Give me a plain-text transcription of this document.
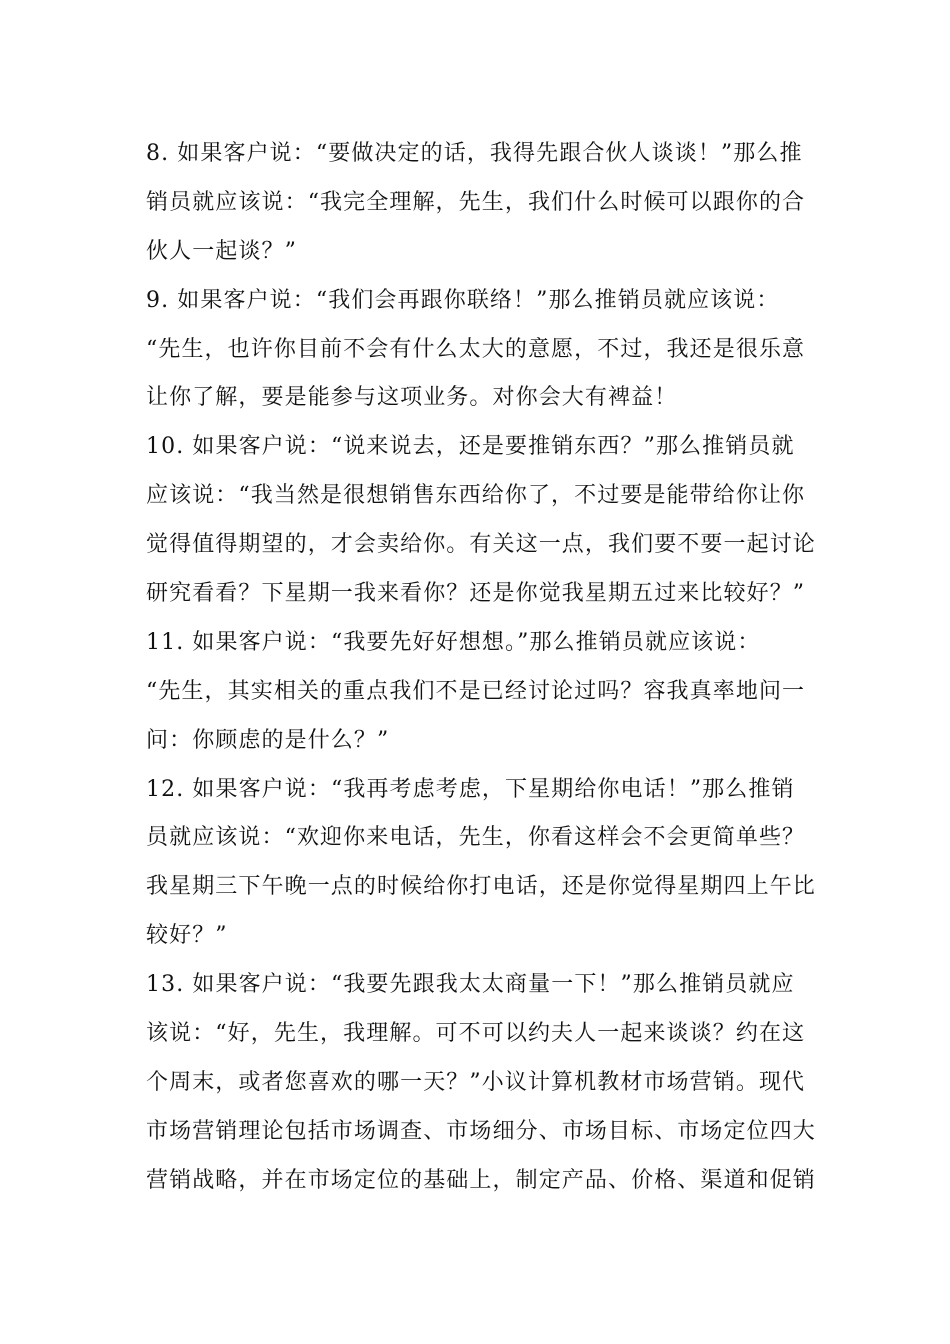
8. 如果客户说：“要做决定的话，我得先跟合伙人谈谈！”那么推
销员就应该说：“我完全理解，先生，我们什么时候可以跟你的合
伙人一起谈？”
9. 如果客户说：“我们会再跟你联络！”那么推销员就应该说：
“先生，也许你目前不会有什么太大的意愿，不过，我还是很乐意
让你了解，要是能参与这项业务。对你会大有裨益！
10. 如果客户说：“说来说去，还是要推销东西？”那么推销员就
应该说：“我当然是很想销售东西给你了，不过要是能带给你让你
觉得值得期望的，才会卖给你。有关这一点，我们要不要一起讨论
研究看看？下星期一我来看你？还是你觉我星期五过来比较好？”
11. 如果客户说：“我要先好好想想。”那么推销员就应该说：
“先生，其实相关的重点我们不是已经讨论过吗？容我真率地问一
问：你顾虑的是什么？”
12. 如果客户说：“我再考虑考虑，下星期给你电话！”那么推销
员就应该说：“欢迎你来电话，先生，你看这样会不会更简单些？
我星期三下午晚一点的时候给你打电话，还是你觉得星期四上午比
较好？”
13. 如果客户说：“我要先跟我太太商量一下！”那么推销员就应
该说：“好，先生，我理解。可不可以约夫人一起来谈谈？约在这
个周末，或者您喜欢的哪一天？”小议计算机教材市场营销。现代
市场营销理论包括市场调查、市场细分、市场目标、市场定位四大
营销战略，并在市场定位的基础上，制定产品、价格、渠道和促销
